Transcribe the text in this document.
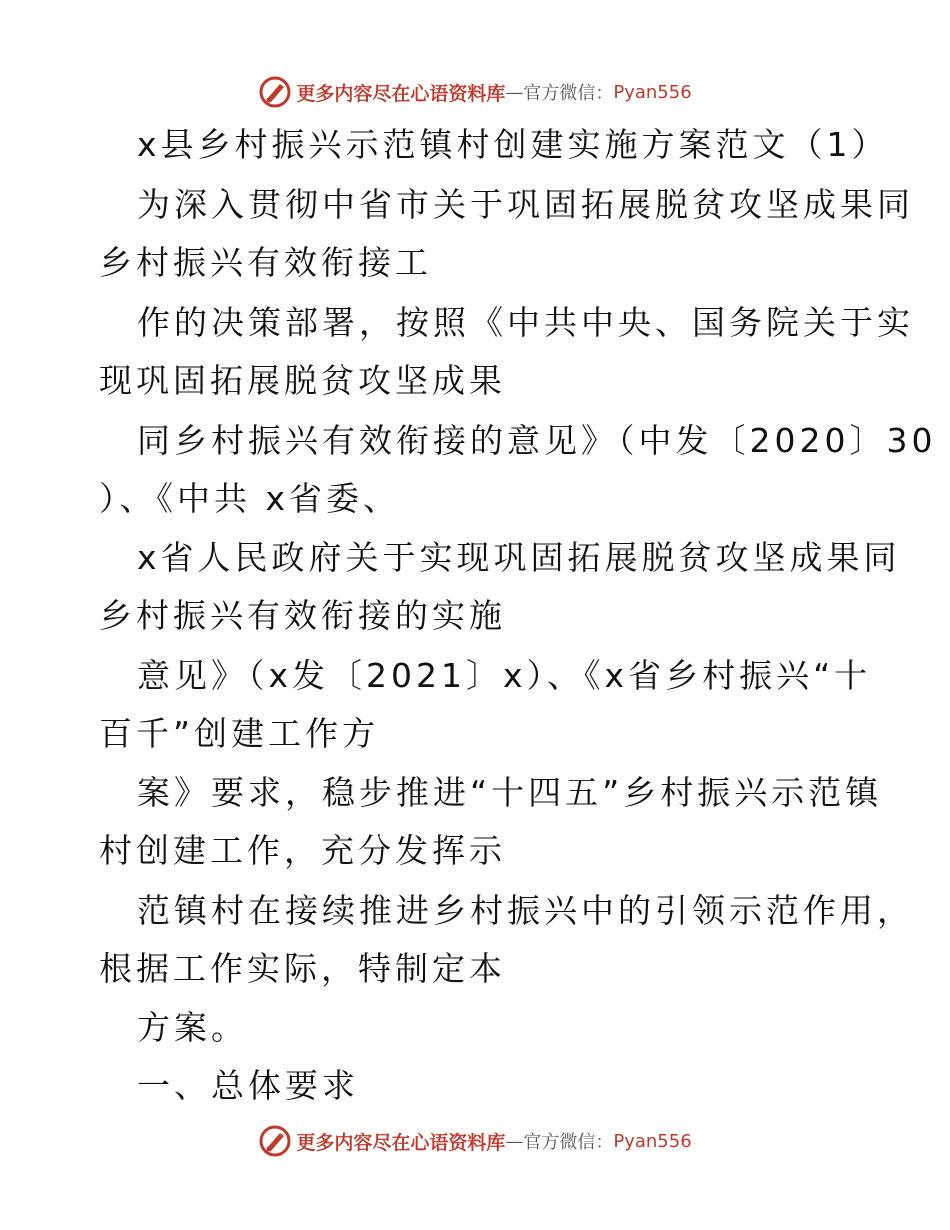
更多内容尽在心语资料库 — 官方微信： Pyan556
x县乡村振兴示范镇村创建实施方案范文（1）
为深入贯彻中省市关于巩固拓展脱贫攻坚成果同
乡村振兴有效衔接工
作的决策部署，按照《中共中央、国务院关于实
现巩固拓展脱贫攻坚成果
同乡村振兴有效衔接的意见》（中发〔2020〕30
）、《中共 x省委、
x省人民政府关于实现巩固拓展脱贫攻坚成果同
乡村振兴有效衔接的实施
意见》（x发〔2021〕x）、《x省乡村振兴“十
百千”创建工作方
案》要求，稳步推进“十四五”乡村振兴示范镇
村创建工作，充分发挥示
范镇村在接续推进乡村振兴中的引领示范作用，
根据工作实际，特制定本
方案。
一、总体要求
更多内容尽在心语资料库 — 官方微信： Pyan556
